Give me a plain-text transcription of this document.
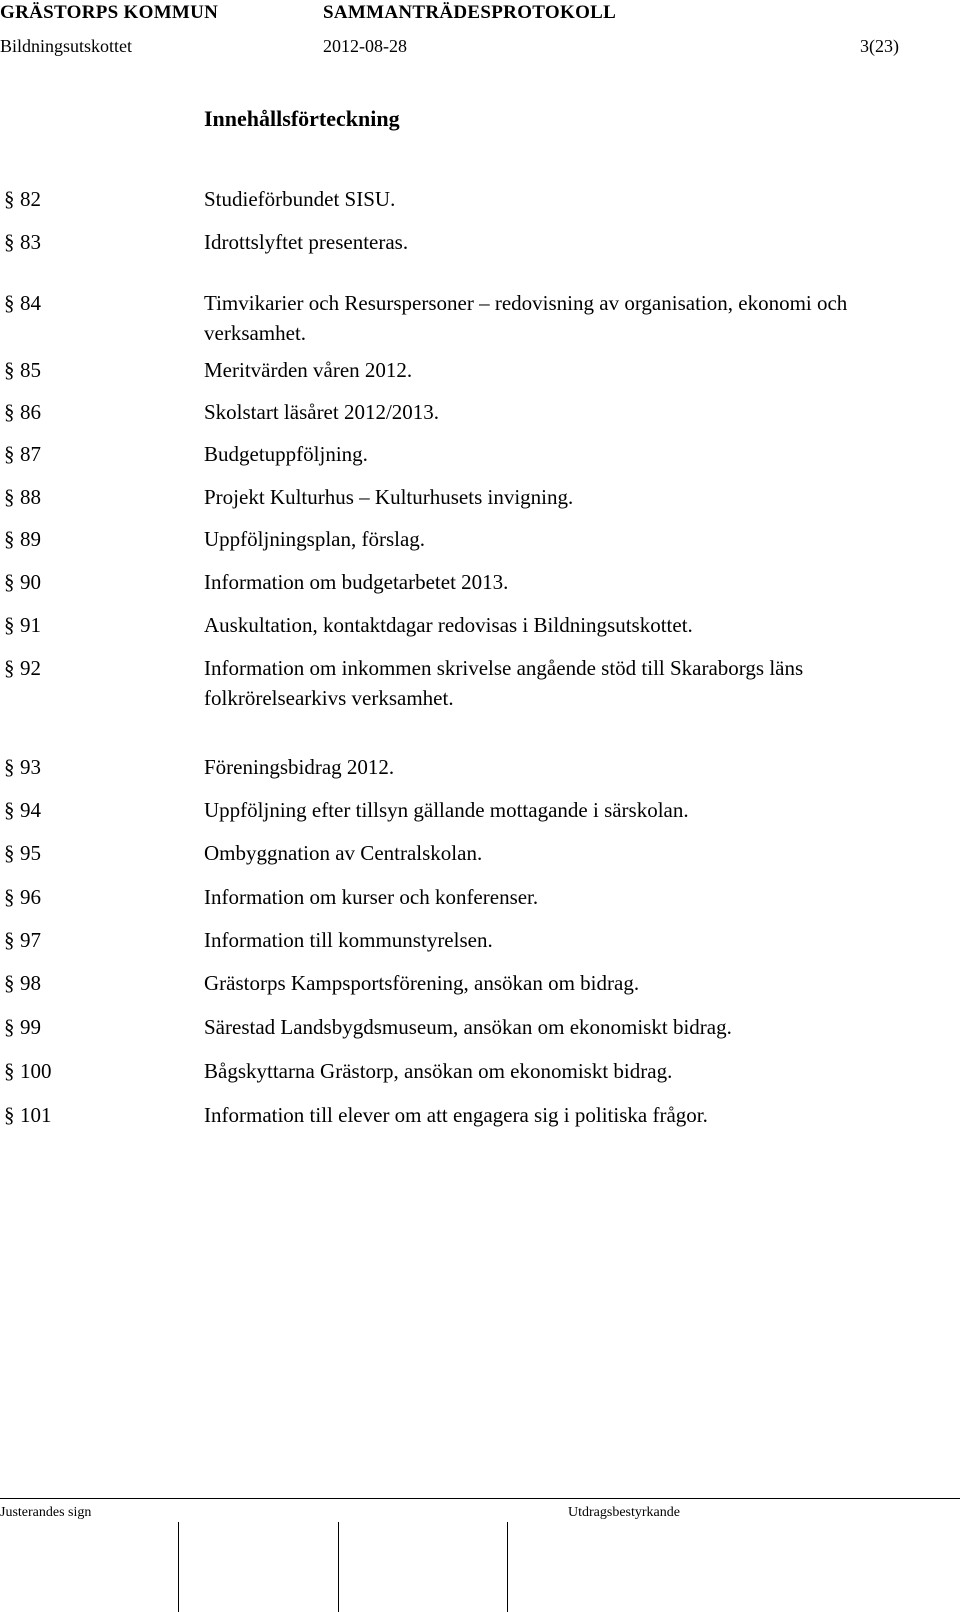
GRÄSTORPS KOMMUN	SAMMANTRÄDESPROTOKOLL
Bildningsutskottet	2012-08-28	3(23)
Innehållsförteckning
§ 82	Studieförbundet SISU.
§ 83	Idrottslyftet presenteras.
§ 84	Timvikarier och Resurspersoner – redovisning av organisation, ekonomi och verksamhet.
§ 85	Meritvärden våren 2012.
§ 86	Skolstart läsåret 2012/2013.
§ 87	Budgetuppföljning.
§ 88	Projekt Kulturhus – Kulturhusets invigning.
§ 89	Uppföljningsplan, förslag.
§ 90	Information om budgetarbetet 2013.
§ 91	Auskultation, kontaktdagar redovisas i Bildningsutskottet.
§ 92	Information om inkommen skrivelse angående stöd till Skaraborgs läns folkrörelsearkivs verksamhet.
§ 93	Föreningsbidrag 2012.
§ 94	Uppföljning efter tillsyn gällande mottagande i särskolan.
§ 95	Ombyggnation av Centralskolan.
§ 96	Information om kurser och konferenser.
§ 97	Information till kommunstyrelsen.
§ 98	Grästorps Kampsportsförening, ansökan om bidrag.
§ 99	Särestad Landsbygdsmuseum, ansökan om ekonomiskt bidrag.
§ 100	Bågskyttarna Grästorp, ansökan om ekonomiskt bidrag.
§ 101	Information till elever om att engagera sig i politiska frågor.
Justerandes sign	Utdragsbestyrkande
